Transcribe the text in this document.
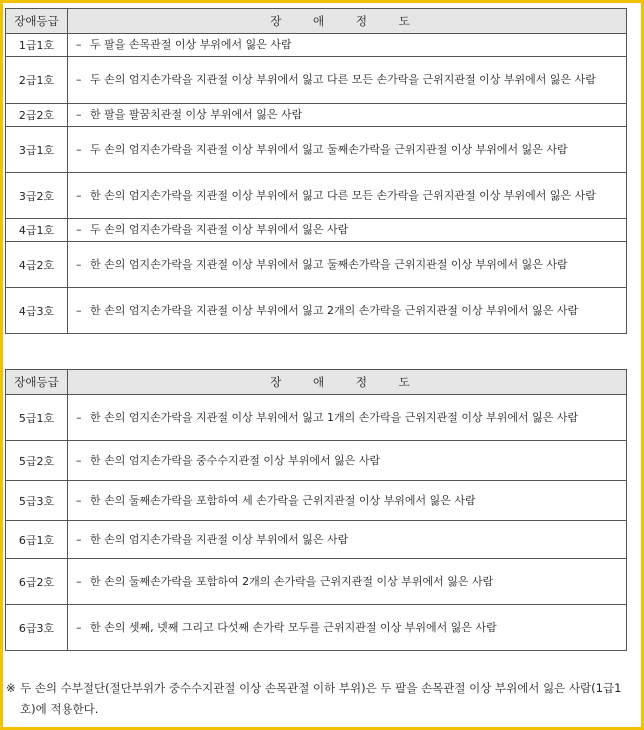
장애등급	장 애 정 도
1급1호	– 두 팔을 손목관절 이상 부위에서 잃은 사람

2급1호	– 두 손의 엄지손가락을 지관절 이상 부위에서 잃고 다른 모든 손가락을 근위지관절 이상 부위에서 잃은 사람

2급2호	– 한 팔을 팔꿈치관절 이상 부위에서 잃은 사람

3급1호	– 두 손의 엄지손가락을 지관절 이상 부위에서 잃고 둘째손가락을 근위지관절 이상 부위에서 잃은 사람

3급2호	– 한 손의 엄지손가락을 지관절 이상 부위에서 잃고 다른 모든 손가락을 근위지관절 이상 부위에서 잃은 사람

4급1호	– 두 손의 엄지손가락을 지관절 이상 부위에서 잃은 사람

4급2호	– 한 손의 엄지손가락을 지관절 이상 부위에서 잃고 둘째손가락을 근위지관절 이상 부위에서 잃은 사람

4급3호	– 한 손의 엄지손가락을 지관절 이상 부위에서 잃고 2개의 손가락을 근위지관절 이상 부위에서 잃은 사람
장애등급	장 애 정 도
5급1호	– 한 손의 엄지손가락을 지관절 이상 부위에서 잃고 1개의 손가락을 근위지관절 이상 부위에서 잃은 사람

5급2호	– 한 손의 엄지손가락을 중수수지관절 이상 부위에서 잃은 사람

5급3호	– 한 손의 둘째손가락을 포함하여 세 손가락을 근위지관절 이상 부위에서 잃은 사람

6급1호	– 한 손의 엄지손가락을 지관절 이상 부위에서 잃은 사람

6급2호	– 한 손의 둘째손가락을 포함하여 2개의 손가락을 근위지관절 이상 부위에서 잃은 사람

6급3호	– 한 손의 셋째, 넷째 그리고 다섯째 손가락 모두를 근위지관절 이상 부위에서 잃은 사람
※ 두 손의 수부절단(절단부위가 중수수지관절 이상 손목관절 이하 부위)은 두 팔을 손목관절 이상 부위에서 잃은 사람(1급1호)에 적용한다.
